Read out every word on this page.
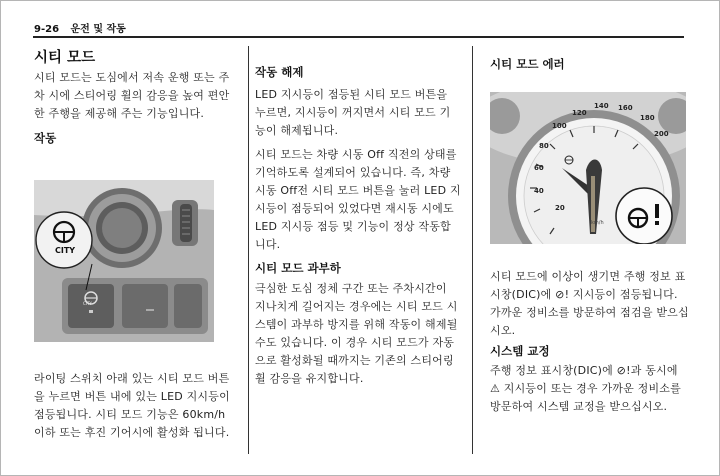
9-26 운전 및 작동
시티 모드

시티 모드는 도심에서 저속 운행 또는 주차 시에 스티어링 휠의 감응을 높여 편안한 주행을 제공해 주는 기능입니다.

작동
CITY
CITY

라이팅 스위치 아래 있는 시티 모드 버튼을 누르면 버튼 내에 있는 LED 지시등이 점등됩니다. 시티 모드 기능은 60km/h 이하 또는 후진 기어시에 활성화 됩니다.

작동 해제

LED 지시등이 점등된 시티 모드 버튼을 누르면, 지시등이 꺼지면서 시티 모드 기능이 해제됩니다.

시티 모드는 차량 시동 Off 직전의 상태를 기억하도록 설계되어 있습니다. 즉, 차량 시동 Off전 시티 모드 버튼을 눌러 LED 지시등이 점등되어 있었다면 재시동 시에도 LED 지시등 점등 및 기능이 정상 작동합니다.

시티 모드 과부하

극심한 도심 정체 구간 또는 주차시간이 지나치게 길어지는 경우에는 시티 모드 시스템이 과부하 방지를 위해 작동이 해제될 수도 있습니다. 이 경우 시티 모드가 자동으로 활성화될 때까지는 기존의 스티어링 휠 감응을 유지합니다.

시티 모드 에러
20
40
60
80
100
120
140 160
180
200
km/h

시티 모드에 이상이 생기면 주행 정보 표시창(DIC)에 ⊘! 지시등이 점등됩니다. 가까운 정비소를 방문하여 점검을 받으십시오.

시스템 교정

주행 정보 표시창(DIC)에 ⊘!과 동시에 ⚠ 지시등이 또는 경우 가까운 정비소를 방문하여 시스템 교정을 받으십시오.
